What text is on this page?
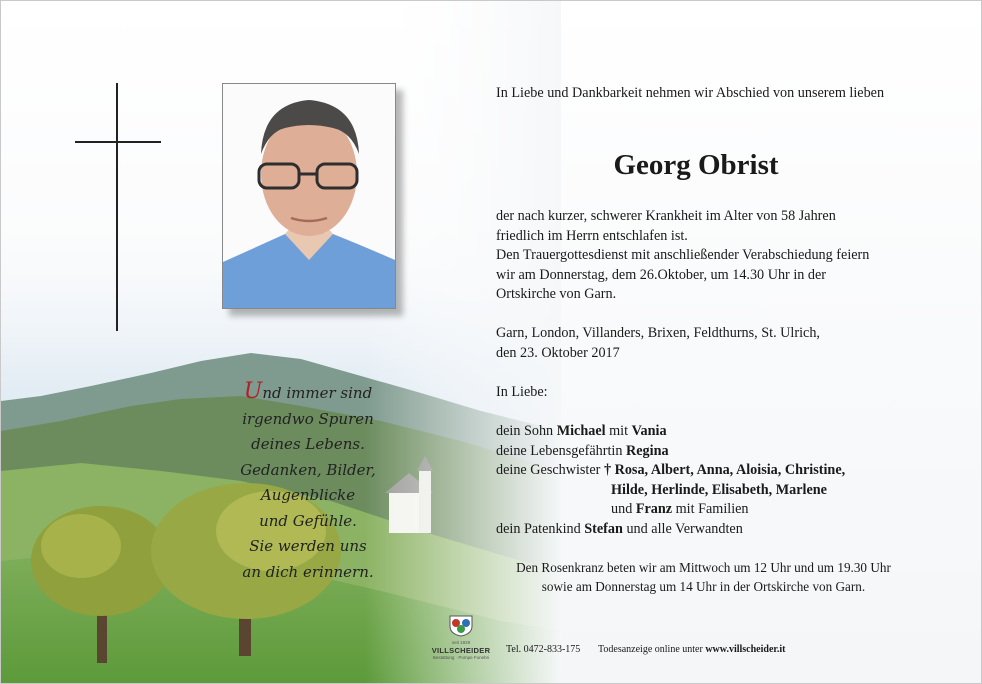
Und immer sind
irgendwo Spuren
deines Lebens.
Gedanken, Bilder,
Augenblicke
und Gefühle.
Sie werden uns
an dich erinnern.

In Liebe und Dankbarkeit nehmen wir Abschied von unserem lieben

Georg Obrist

der nach kurzer, schwerer Krankheit im Alter von 58 Jahren

friedlich im Herrn entschlafen ist.

Den Trauergottesdienst mit anschließender Verabschiedung feiern

wir am Donnerstag, dem 26.Oktober, um 14.30 Uhr in der

Ortskirche von Garn.

Garn, London, Villanders, Brixen, Feldthurns, St. Ulrich,

den 23. Oktober 2017

In Liebe:

dein Sohn Michael mit Vania

deine Lebensgefährtin Regina

deine Geschwister † Rosa, Albert, Anna, Aloisia, Christine,

Hilde, Herlinde, Elisabeth, Marlene

und Franz mit Familien

dein Patenkind Stefan und alle Verwandten

Den Rosenkranz beten wir am Mittwoch um 12 Uhr und um 19.30 Uhr
sowie am Donnerstag um 14 Uhr in der Ortskirche von Garn.
seit 1929
VILLSCHEIDER
Bestattung · Pompe Funebri
Tel. 0472-833-175 Todesanzeige online unter www.villscheider.it
